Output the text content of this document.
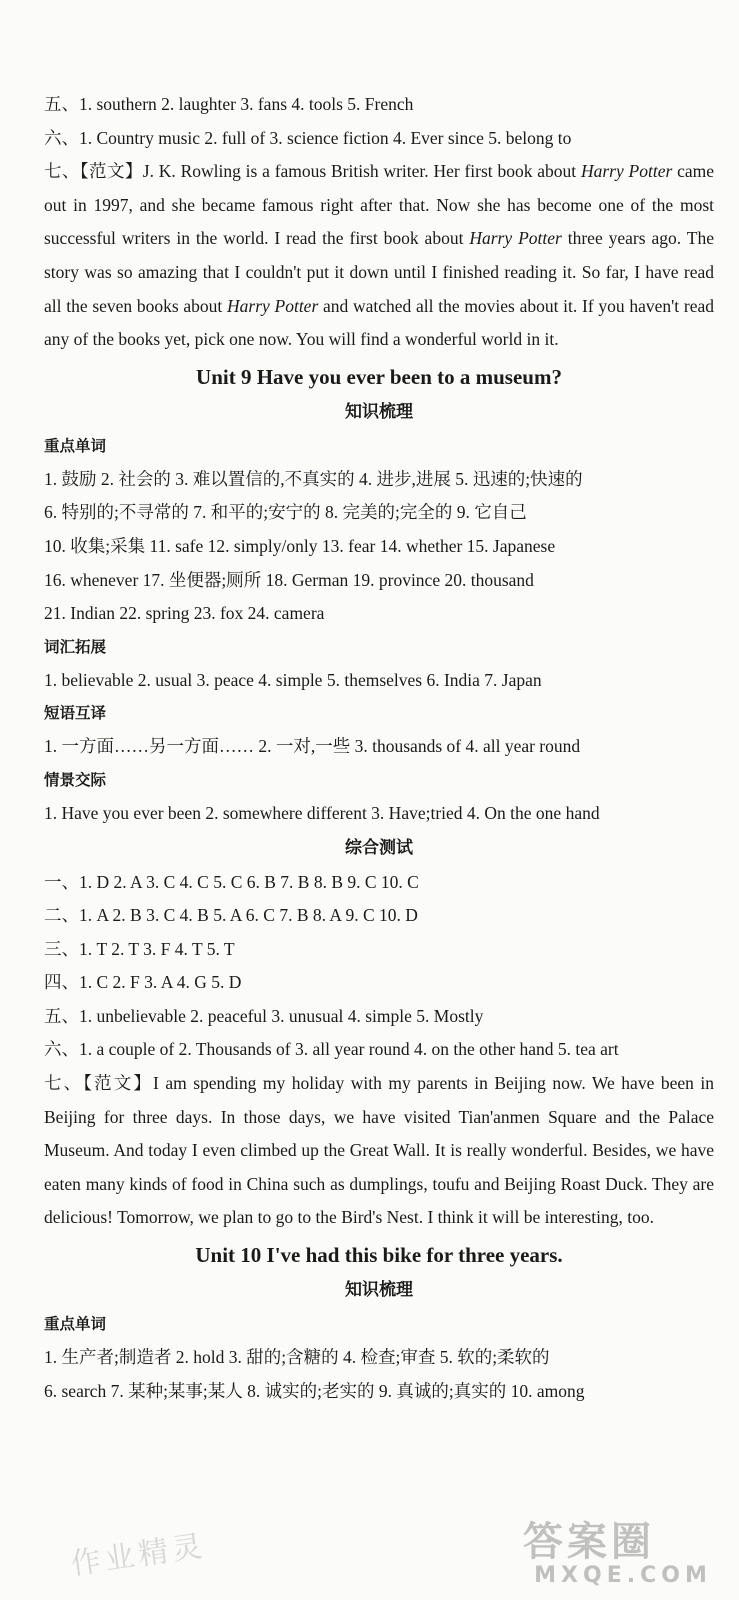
五、1. southern 2. laughter 3. fans 4. tools 5. French
六、1. Country music 2. full of 3. science fiction 4. Ever since 5. belong to
七、【范文】J. K. Rowling is a famous British writer. Her first book about Harry Potter came out in 1997, and she became famous right after that. Now she has become one of the most successful writers in the world. I read the first book about Harry Potter three years ago. The story was so amazing that I couldn't put it down until I finished reading it. So far, I have read all the seven books about Harry Potter and watched all the movies about it. If you haven't read any of the books yet, pick one now. You will find a wonderful world in it.
Unit 9 Have you ever been to a museum?
知识梳理
重点单词
1. 鼓励 2. 社会的 3. 难以置信的,不真实的 4. 进步,进展 5. 迅速的;快速的
6. 特别的;不寻常的 7. 和平的;安宁的 8. 完美的;完全的 9. 它自己
10. 收集;采集 11. safe 12. simply/only 13. fear 14. whether 15. Japanese
16. whenever 17. 坐便器;厕所 18. German 19. province 20. thousand
21. Indian 22. spring 23. fox 24. camera
词汇拓展
1. believable 2. usual 3. peace 4. simple 5. themselves 6. India 7. Japan
短语互译
1. 一方面……另一方面…… 2. 一对,一些 3. thousands of 4. all year round
情景交际
1. Have you ever been 2. somewhere different 3. Have;tried 4. On the one hand
综合测试
一、1. D 2. A 3. C 4. C 5. C 6. B 7. B 8. B 9. C 10. C
二、1. A 2. B 3. C 4. B 5. A 6. C 7. B 8. A 9. C 10. D
三、1. T 2. T 3. F 4. T 5. T
四、1. C 2. F 3. A 4. G 5. D
五、1. unbelievable 2. peaceful 3. unusual 4. simple 5. Mostly
六、1. a couple of 2. Thousands of 3. all year round 4. on the other hand 5. tea art
七、【范文】I am spending my holiday with my parents in Beijing now. We have been in Beijing for three days. In those days, we have visited Tian'anmen Square and the Palace Museum. And today I even climbed up the Great Wall. It is really wonderful. Besides, we have eaten many kinds of food in China such as dumplings, toufu and Beijing Roast Duck. They are delicious! Tomorrow, we plan to go to the Bird's Nest. I think it will be interesting, too.
Unit 10 I've had this bike for three years.
知识梳理
重点单词
1. 生产者;制造者 2. hold 3. 甜的;含糖的 4. 检查;审查 5. 软的;柔软的
6. search 7. 某种;某事;某人 8. 诚实的;老实的 9. 真诚的;真实的 10. among
作业精灵	答案圈
MXQE.COM
